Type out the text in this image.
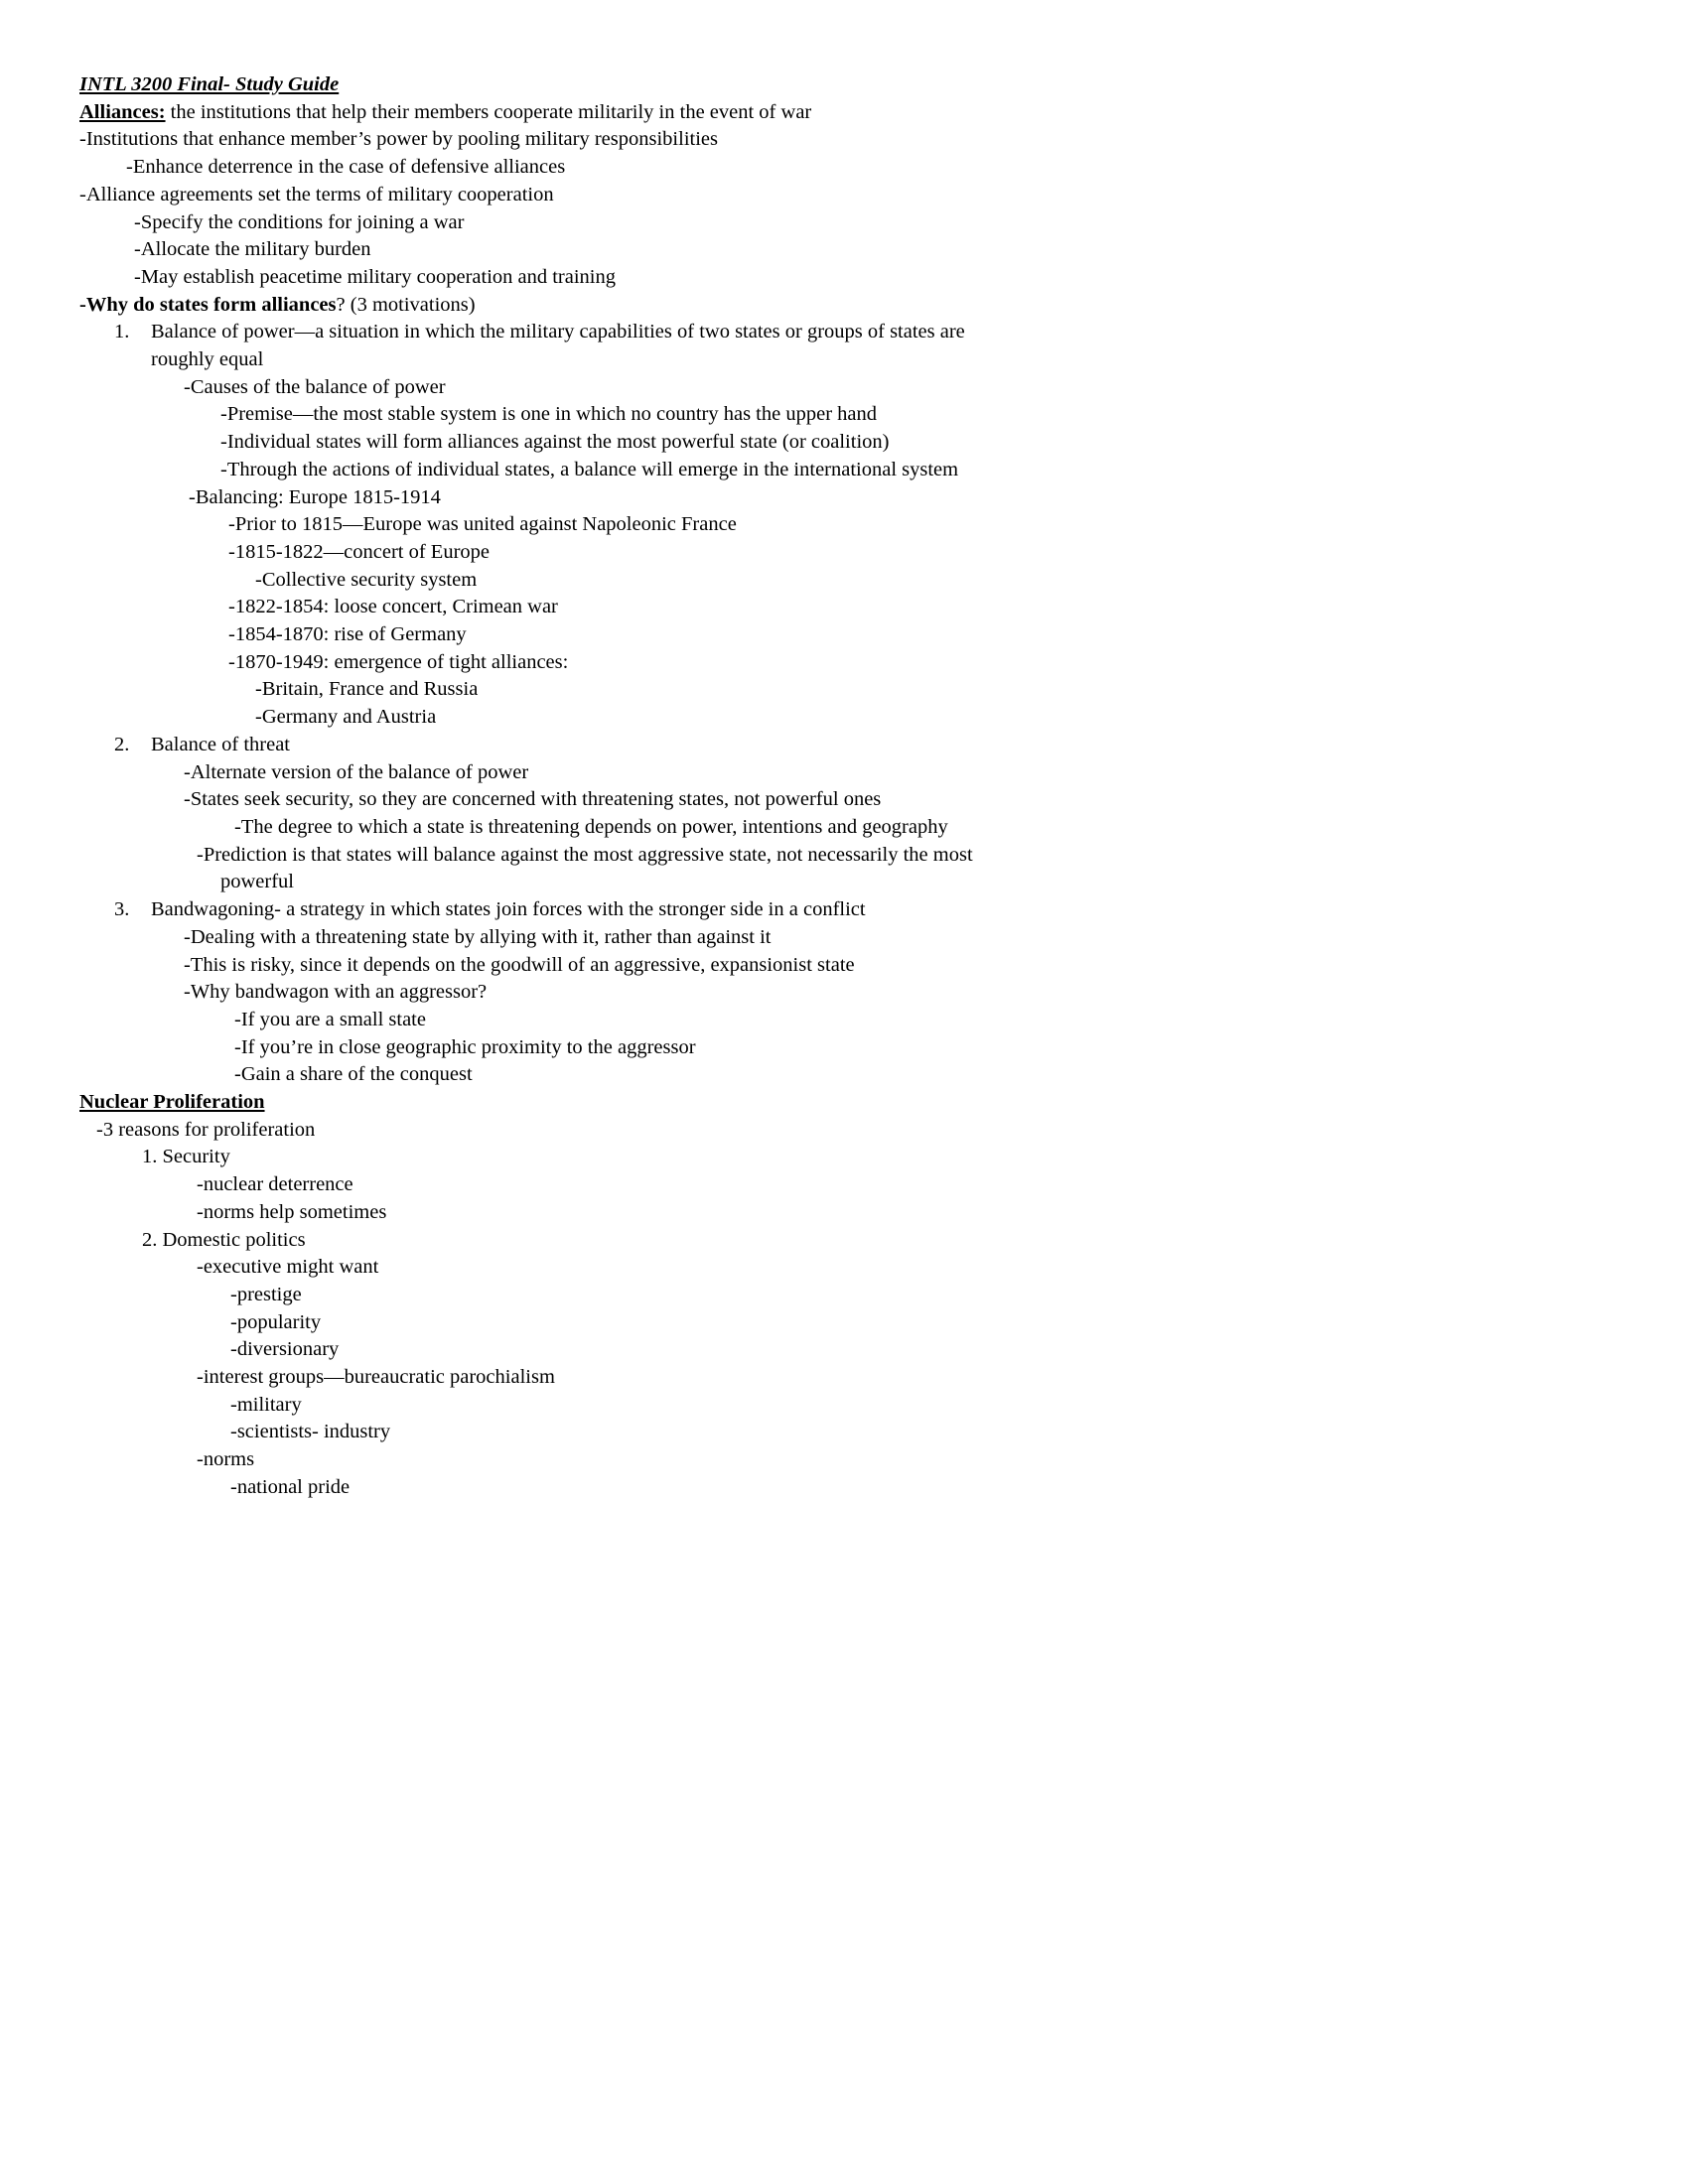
INTL 3200 Final- Study Guide
Alliances: the institutions that help their members cooperate militarily in the event of war
-Institutions that enhance member’s power by pooling military responsibilities
-Enhance deterrence in the case of defensive alliances
-Alliance agreements set the terms of military cooperation
-Specify the conditions for joining a war
-Allocate the military burden
-May establish peacetime military cooperation and training
-Why do states form alliances? (3 motivations)
1. Balance of power—a situation in which the military capabilities of two states or groups of states are
roughly equal
-Causes of the balance of power
-Premise—the most stable system is one in which no country has the upper hand
-Individual states will form alliances against the most powerful state (or coalition)
-Through the actions of individual states, a balance will emerge in the international system
-Balancing: Europe 1815-1914
-Prior to 1815—Europe was united against Napoleonic France
-1815-1822—concert of Europe
-Collective security system
-1822-1854: loose concert, Crimean war
-1854-1870: rise of Germany
-1870-1949: emergence of tight alliances:
-Britain, France and Russia
-Germany and Austria
2. Balance of threat
-Alternate version of the balance of power
-States seek security, so they are concerned with threatening states, not powerful ones
-The degree to which a state is threatening depends on power, intentions and geography
-Prediction is that states will balance against the most aggressive state, not necessarily the most
powerful
3. Bandwagoning- a strategy in which states join forces with the stronger side in a conflict
-Dealing with a threatening state by allying with it, rather than against it
-This is risky, since it depends on the goodwill of an aggressive, expansionist state
-Why bandwagon with an aggressor?
-If you are a small state
-If you’re in close geographic proximity to the aggressor
-Gain a share of the conquest
Nuclear Proliferation
-3 reasons for proliferation
1. Security
-nuclear deterrence
-norms help sometimes
2. Domestic politics
-executive might want
-prestige
-popularity
-diversionary
-interest groups—bureaucratic parochialism
-military
-scientists- industry
-norms
-national pride
